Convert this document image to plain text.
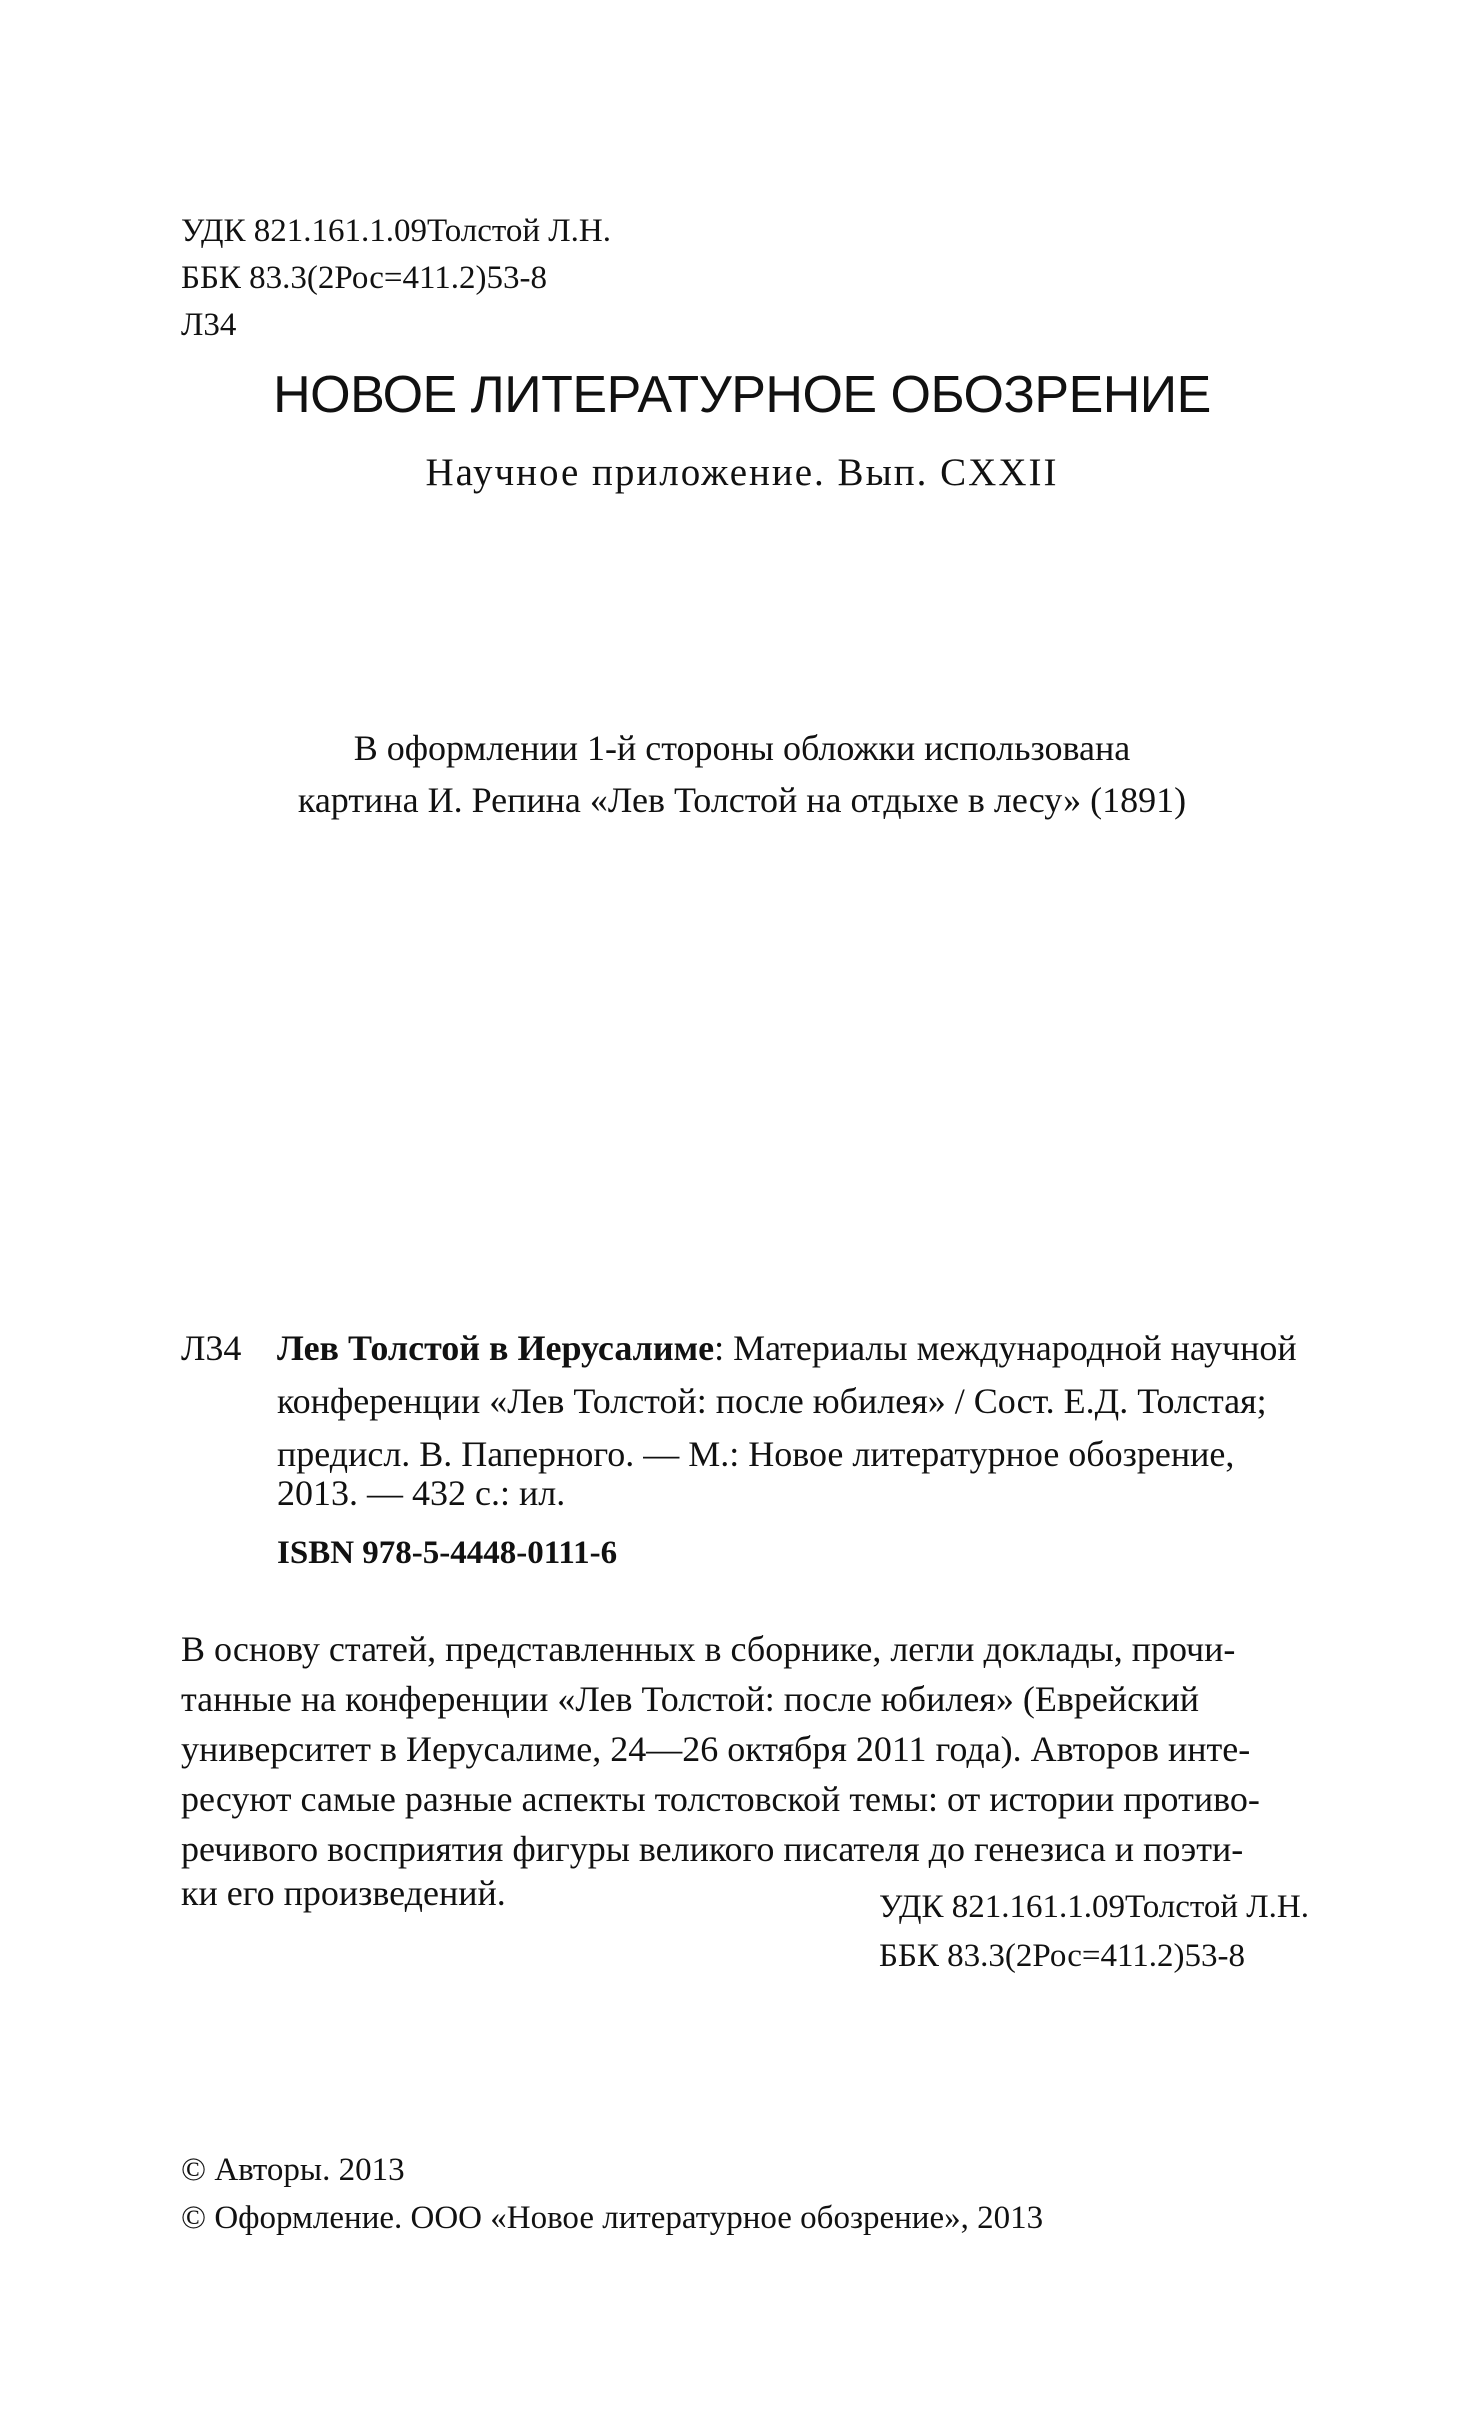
УДК 821.161.1.09Толстой Л.Н.
ББК 83.3(2Рос=411.2)53-8
Л34
НОВОЕ ЛИТЕРАТУРНОЕ ОБОЗРЕНИЕ
Научное приложение. Вып. CXXII
В оформлении 1-й стороны обложки использована
картина И. Репина «Лев Толстой на отдыхе в лесу» (1891)
Л34 Лев Толстой в Иерусалиме: Материалы международной научной
конференции «Лев Толстой: после юбилея» / Сост. Е.Д. Толстая;
предисл. В. Паперного. — М.: Новое литературное обозрение,
2013. — 432 с.: ил.
ISBN 978-5-4448-0111-6
В основу статей, представленных в сборнике, легли доклады, прочи-
танные на конференции «Лев Толстой: после юбилея» (Еврейский
университет в Иерусалиме, 24—26 октября 2011 года). Авторов инте-
ресуют самые разные аспекты толстовской темы: от истории противо-
речивого восприятия фигуры великого писателя до генезиса и поэти-
ки его произведений.	УДК 821.161.1.09Толстой Л.Н.
ББК 83.3(2Рос=411.2)53-8
© Авторы. 2013
© Оформление. ООО «Новое литературное обозрение», 2013
